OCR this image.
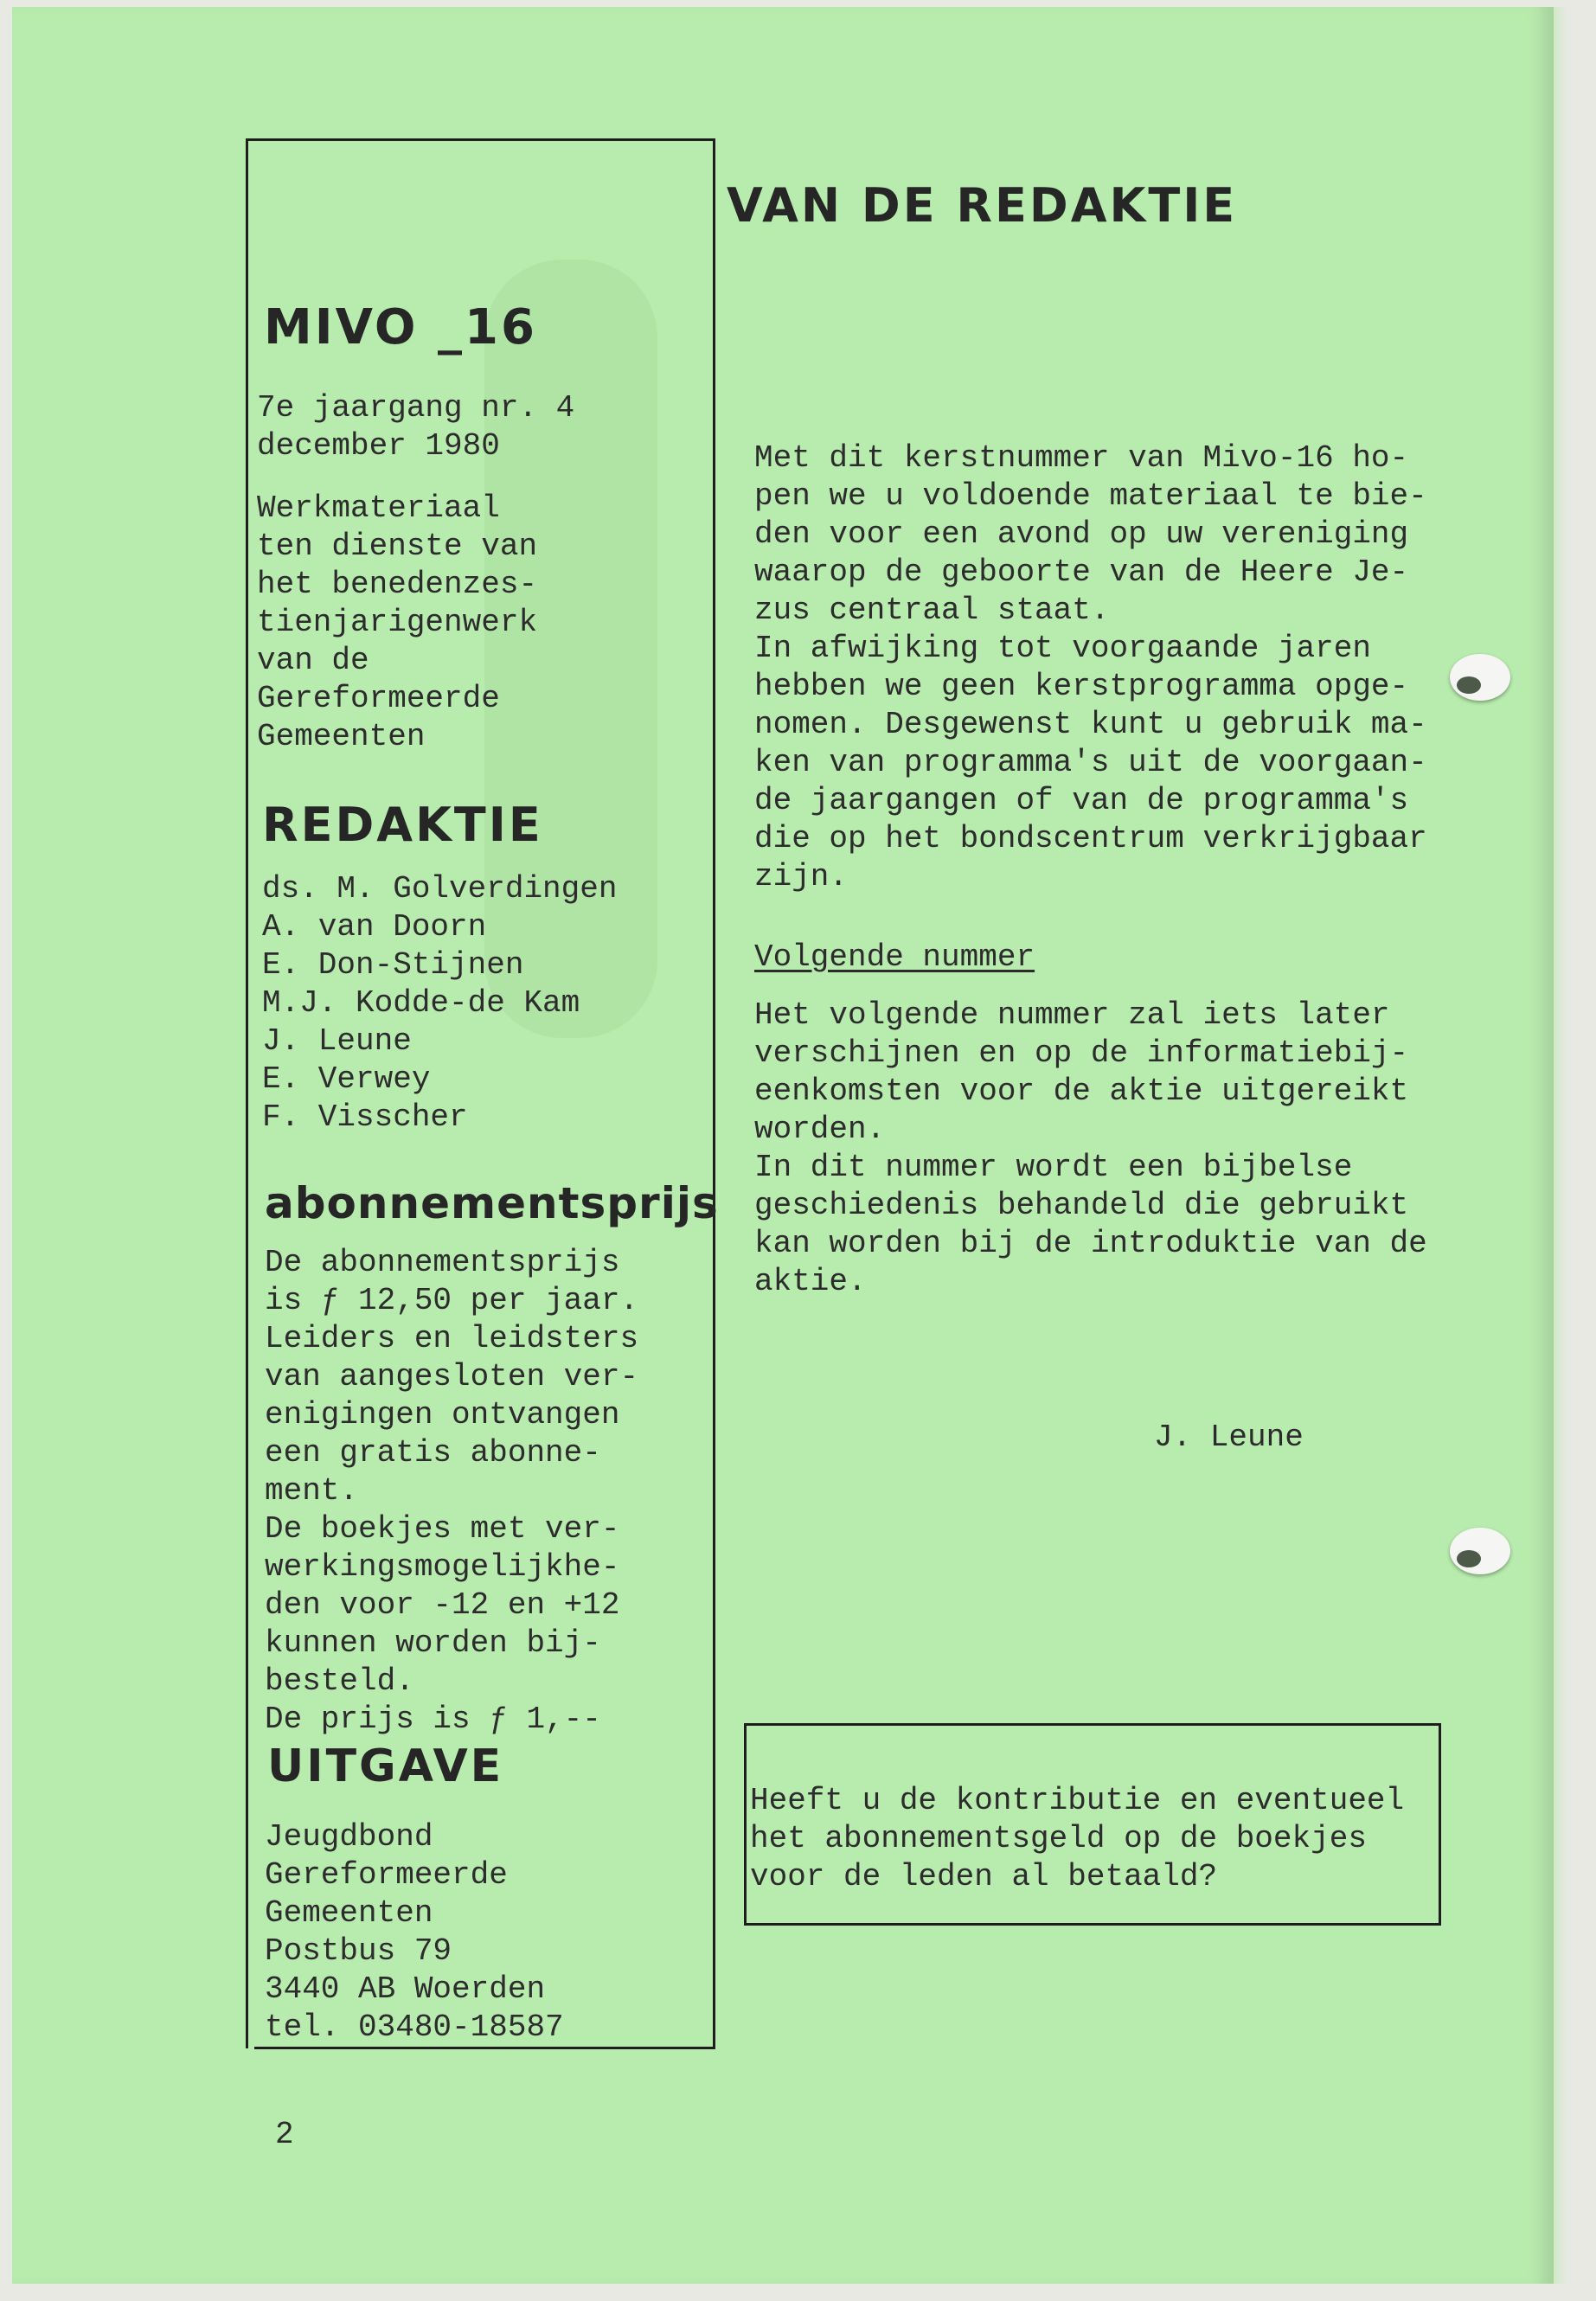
MIVO _16
7e jaargang nr. 4
december 1980
Werkmateriaal
ten dienste van
het benedenzes-
tienjarigenwerk
van de
Gereformeerde
Gemeenten
REDAKTIE
ds. M. Golverdingen
A. van Doorn
E. Don-Stijnen
M.J. Kodde-de Kam
J. Leune
E. Verwey
F. Visscher
abonnementsprijs
De abonnementsprijs
is ƒ 12,50 per jaar.
Leiders en leidsters
van aangesloten ver-
enigingen ontvangen
een gratis abonne-
ment.
De boekjes met ver-
werkingsmogelijkhe-
den voor -12 en +12
kunnen worden bij-
besteld.
De prijs is ƒ 1,--
UITGAVE
Jeugdbond
Gereformeerde
Gemeenten
Postbus 79
3440 AB Woerden
tel. 03480-18587
VAN DE REDAKTIE
Met dit kerstnummer van Mivo-16 ho-
pen we u voldoende materiaal te bie-
den voor een avond op uw vereniging
waarop de geboorte van de Heere Je-
zus centraal staat.
In afwijking tot voorgaande jaren
hebben we geen kerstprogramma opge-
nomen. Desgewenst kunt u gebruik ma-
ken van programma's uit de voorgaan-
de jaargangen of van de programma's
die op het bondscentrum verkrijgbaar
zijn.
Volgende nummer
Het volgende nummer zal iets later
verschijnen en op de informatiebij-
eenkomsten voor de aktie uitgereikt
worden.
In dit nummer wordt een bijbelse
geschiedenis behandeld die gebruikt
kan worden bij de introduktie van de
aktie.
J. Leune
Heeft u de kontributie en eventueel
het abonnementsgeld op de boekjes
voor de leden al betaald?
2
